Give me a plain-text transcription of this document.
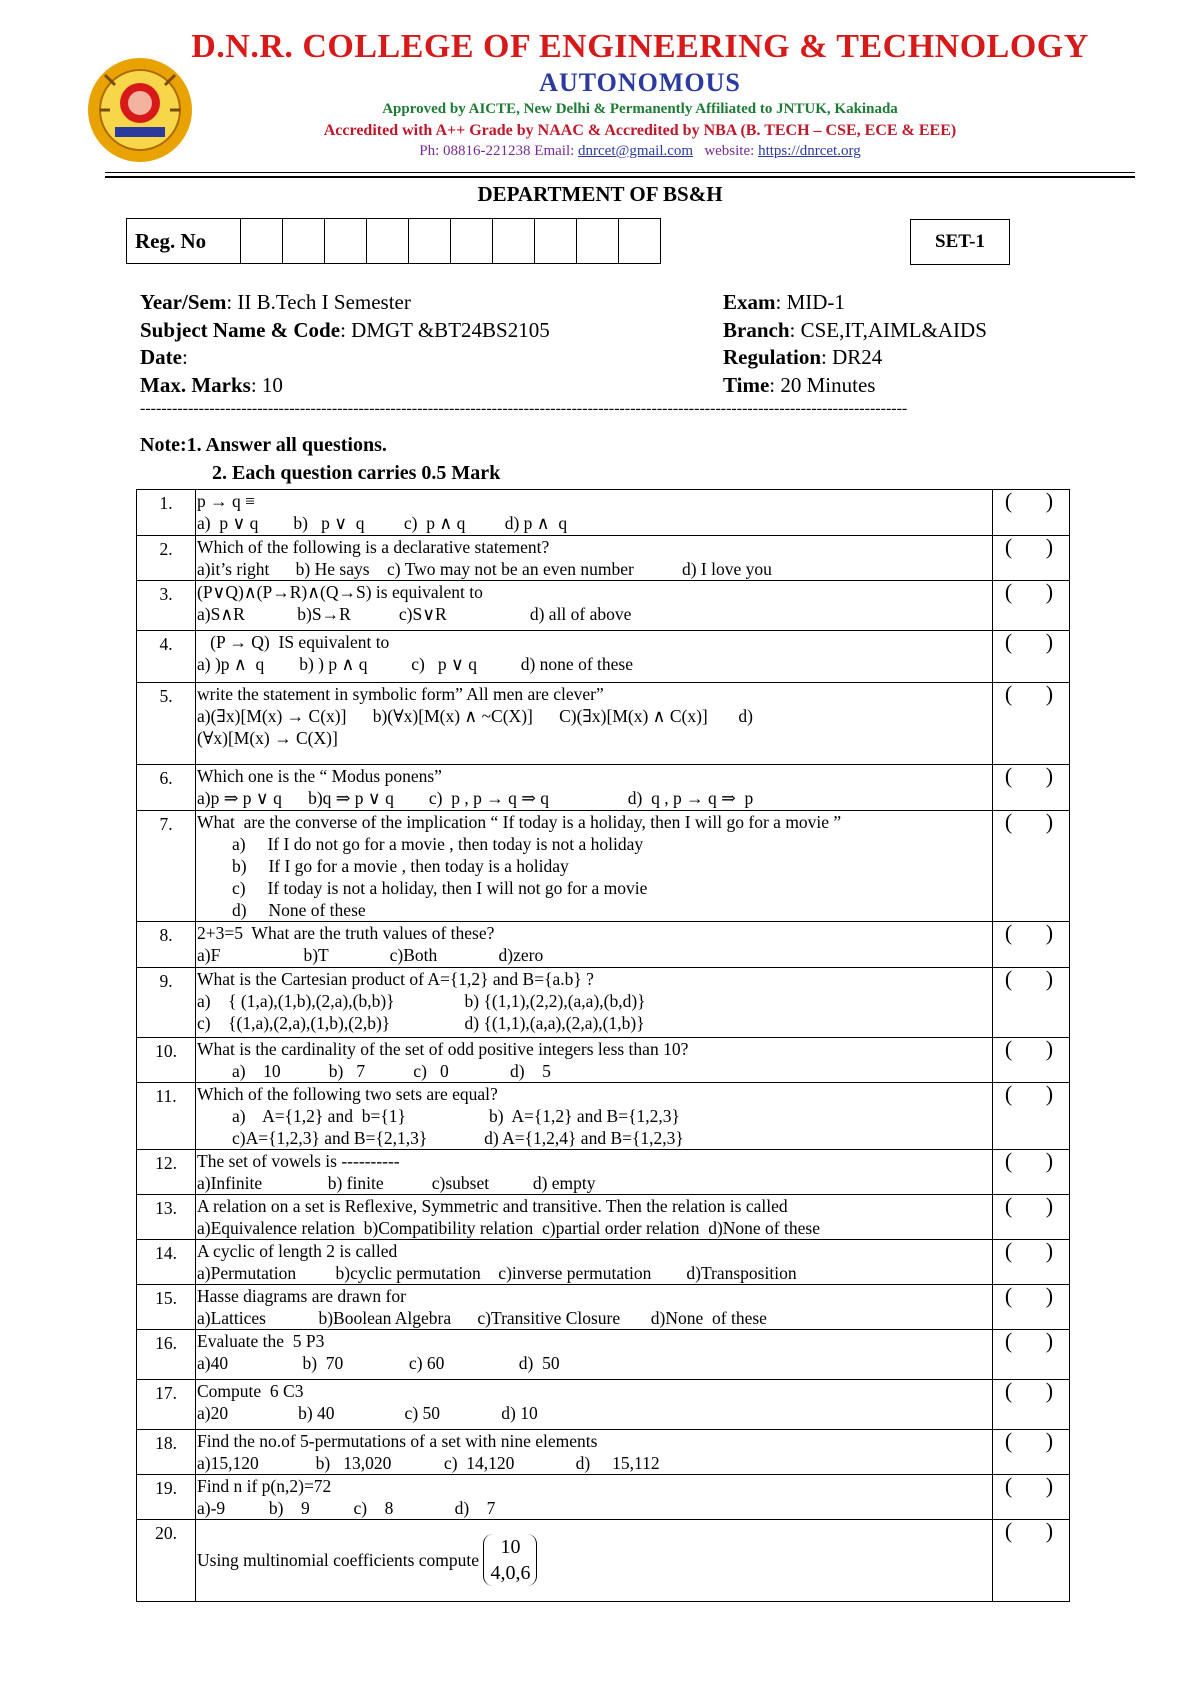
D.N.R. COLLEGE OF ENGINEERING & TECHNOLOGY
AUTONOMOUS
Approved by AICTE, New Delhi & Permanently Affiliated to JNTUK, Kakinada
Accredited with A++ Grade by NAAC & Accredited by NBA (B. TECH – CSE, ECE & EEE)
Ph: 08816-221238 Email: dnrcet@gmail.com   website: https://dnrcet.org
DEPARTMENT OF BS&H
Reg. No											SET-1
Year/Sem: II B.Tech I Semester
Subject Name & Code: DMGT &BT24BS2105
Date:
Max. Marks: 10
Exam: MID-1
Branch: CSE,IT,AIML&AIDS
Regulation: DR24
Time: 20 Minutes
------------------------------------------------------------------------------------------------------------------------------------------------
Note:1. Answer all questions.
2. Each question carries 0.5 Mark
1.	p → q ≡
a)  p ∨ q        b)   p ∨  q         c)  p ∧ q         d) p ∧  q	( )
2.	Which of the following is a declarative statement?
a)it’s right      b) He says    c) Two may not be an even number           d) I love you	( )
3.	(P∨Q)∧(P→R)∧(Q→S) is equivalent to
a)S∧R            b)S→R           c)S∨R                   d) all of above	( )
4.	(P → Q)  IS equivalent to
a) )p ∧  q        b) ) p ∧ q          c)   p ∨ q          d) none of these	( )
5.	write the statement in symbolic form” All men are clever”
a)(∃x)[M(x) → C(x)]      b)(∀x)[M(x) ∧ ~C(X)]      C)(∃x)[M(x) ∧ C(x)]       d)
(∀x)[M(x) → C(X)]	( )
6.	Which one is the “ Modus ponens”
a)p ⇒ p ∨ q      b)q ⇒ p ∨ q        c)  p , p → q ⇒ q                  d)  q , p → q ⇒  p	( )
7.	What  are the converse of the implication “ If today is a holiday, then I will go for a movie ”
a)     If I do not go for a movie , then today is not a holiday
b)     If I go for a movie , then today is a holiday
c)     If today is not a holiday, then I will not go for a movie
d)     None of these	( )
8.	2+3=5  What are the truth values of these?
a)F                   b)T              c)Both              d)zero	( )
9.	What is the Cartesian product of A={1,2} and B={a.b} ?
a)    { (1,a),(1,b),(2,a),(b,b)}                b) {(1,1),(2,2),(a,a),(b,d)}
c)    {(1,a),(2,a),(1,b),(2,b)}                 d) {(1,1),(a,a),(2,a),(1,b)}	( )
10.	What is the cardinality of the set of odd positive integers less than 10?
a)    10           b)   7           c)   0              d)    5	( )
11.	Which of the following two sets are equal?
a)    A={1,2} and  b={1}                   b)  A={1,2} and B={1,2,3}
c)A={1,2,3} and B={2,1,3}             d) A={1,2,4} and B={1,2,3}	( )
12.	The set of vowels is ----------
a)Infinite               b) finite           c)subset          d) empty	( )
13.	A relation on a set is Reflexive, Symmetric and transitive. Then the relation is called
a)Equivalence relation  b)Compatibility relation  c)partial order relation  d)None of these	( )
14.	A cyclic of length 2 is called
a)Permutation         b)cyclic permutation    c)inverse permutation        d)Transposition	( )
15.	Hasse diagrams are drawn for
a)Lattices            b)Boolean Algebra      c)Transitive Closure       d)None  of these	( )
16.	Evaluate the  5 P3
a)40                 b)  70               c) 60                 d)  50	( )
17.	Compute  6 C3
a)20                b) 40                c) 50              d) 10	( )
18.	Find the no.of 5-permutations of a set with nine elements
a)15,120             b)   13,020            c)  14,120              d)     15,112	( )
19.	Find n if p(n,2)=72
a)-9          b)    9          c)    8              d)    7	( )
20.	Using multinomial coefficients compute
10
4,0,6	( )
